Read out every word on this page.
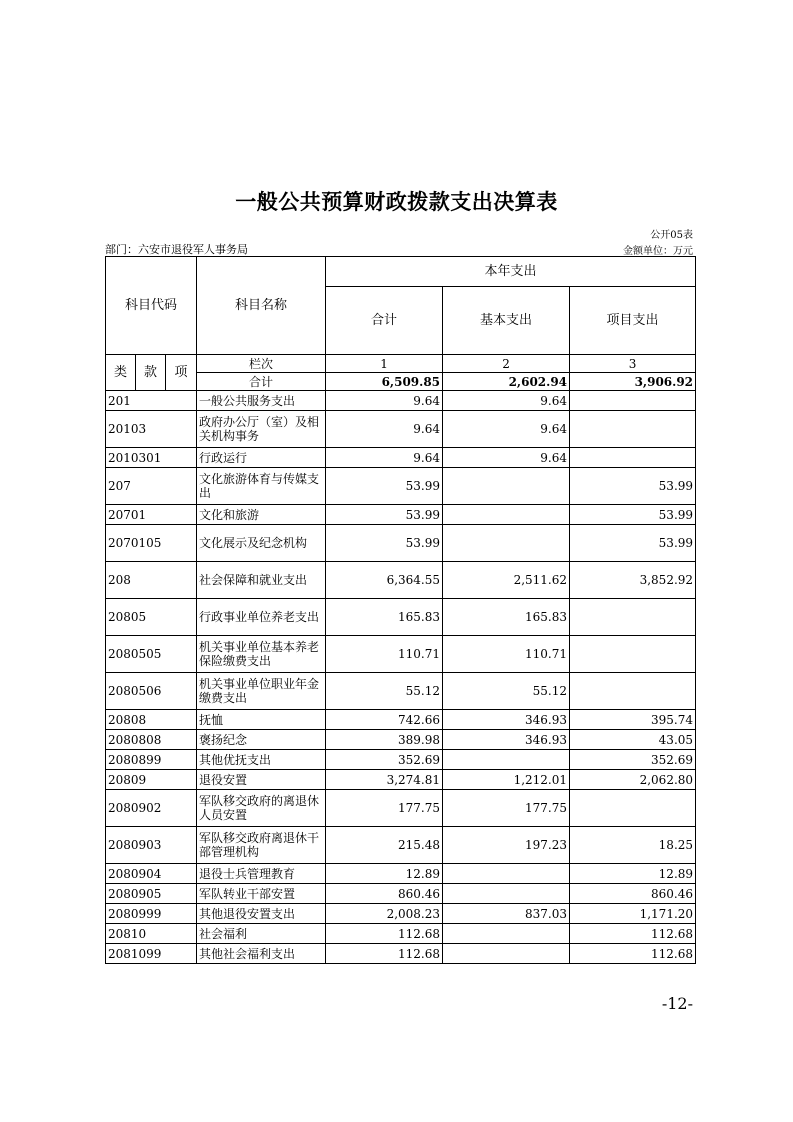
一般公共预算财政拨款支出决算表
公开05表
部门：六安市退役军人事务局	金额单位：万元
科目代码			科目名称	本年支出		
				合计	基本支出	项目支出
类	款	项	栏次	1	2	3
			合计	6,509.85	2,602.94	3,906.92
201			一般公共服务支出	9.64	9.64	
20103			政府办公厅（室）及相关机构事务	9.64	9.64	
2010301			行政运行	9.64	9.64	
207			文化旅游体育与传媒支出	53.99		53.99
20701			文化和旅游	53.99		53.99
2070105			文化展示及纪念机构	53.99		53.99
208			社会保障和就业支出	6,364.55	2,511.62	3,852.92
20805			行政事业单位养老支出	165.83	165.83	
2080505			机关事业单位基本养老保险缴费支出	110.71	110.71	
2080506			机关事业单位职业年金缴费支出	55.12	55.12	
20808			抚恤	742.66	346.93	395.74
2080808			褒扬纪念	389.98	346.93	43.05
2080899			其他优抚支出	352.69		352.69
20809			退役安置	3,274.81	1,212.01	2,062.80
2080902			军队移交政府的离退休人员安置	177.75	177.75	
2080903			军队移交政府离退休干部管理机构	215.48	197.23	18.25
2080904			退役士兵管理教育	12.89		12.89
2080905			军队转业干部安置	860.46		860.46
2080999			其他退役安置支出	2,008.23	837.03	1,171.20
20810			社会福利	112.68		112.68
2081099			其他社会福利支出	112.68		112.68
-12-
